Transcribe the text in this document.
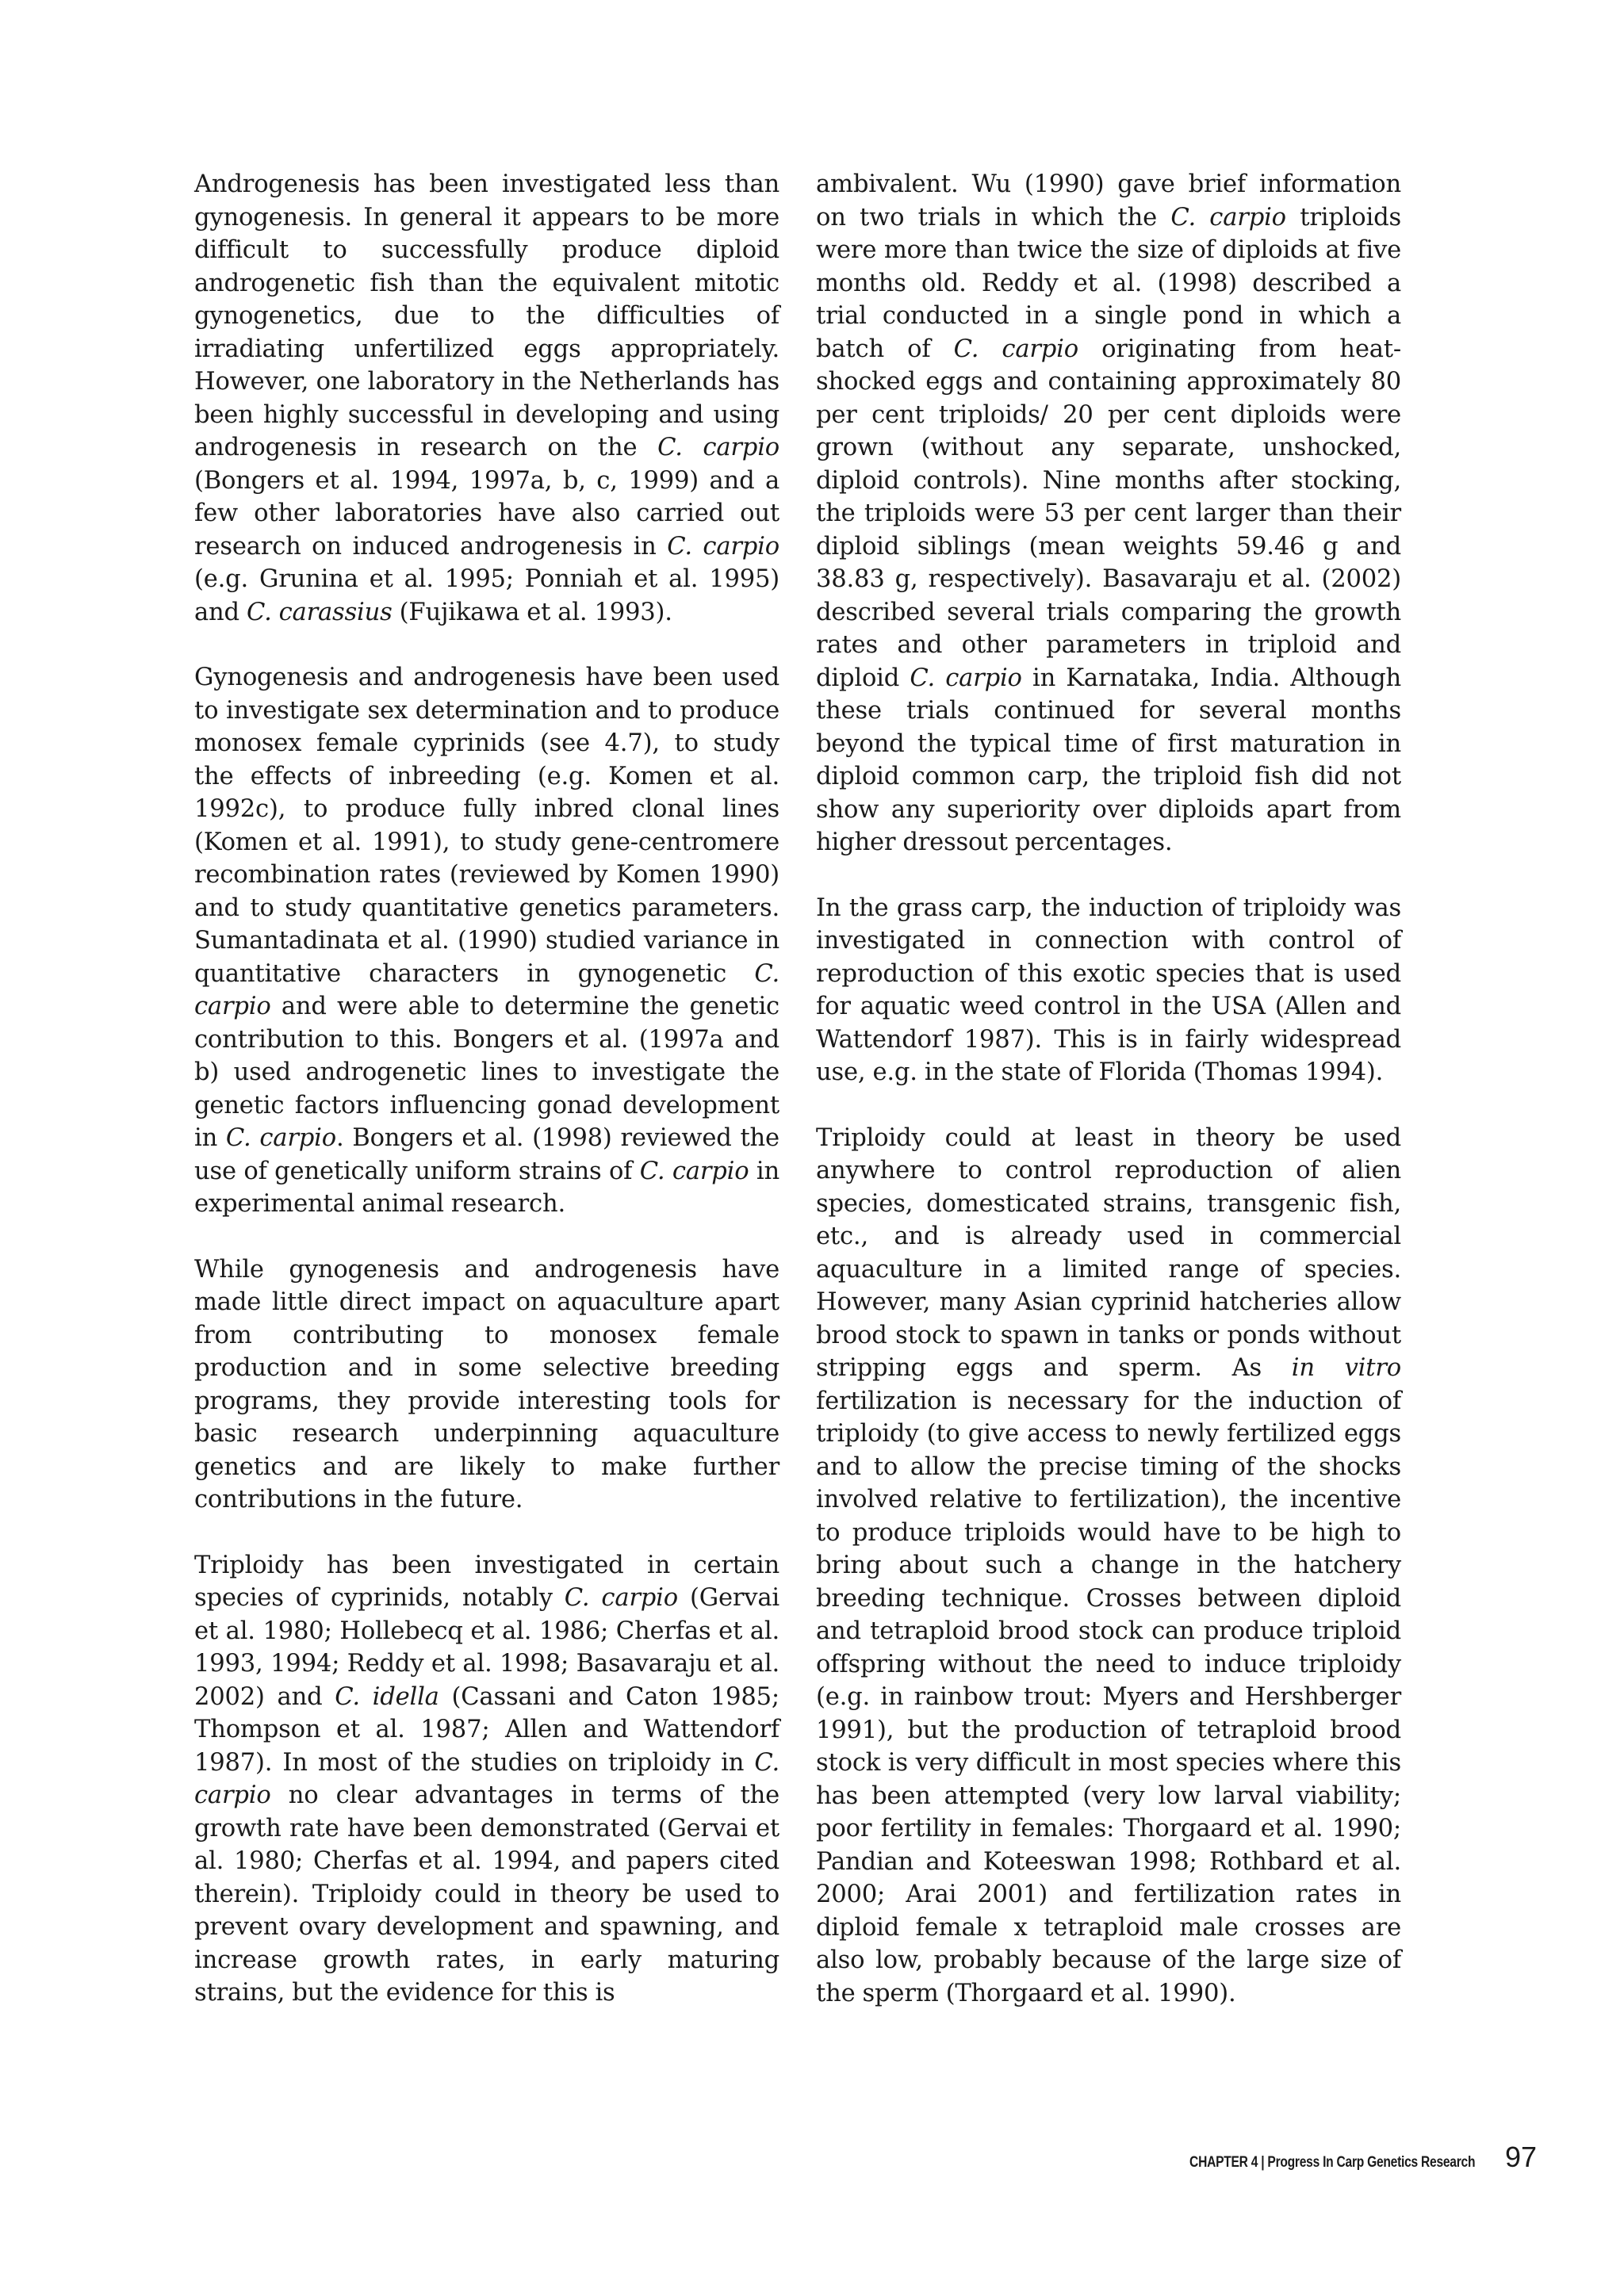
Androgenesis has been investigated less than gynogenesis. In general it appears to be more difficult to successfully produce diploid androgenetic fish than the equivalent mitotic gynogenetics, due to the difficulties of irradiating unfertilized eggs appropriately. However, one laboratory in the Netherlands has been highly successful in developing and using androgenesis in research on the C. carpio (Bongers et al. 1994, 1997a, b, c, 1999) and a few other laboratories have also carried out research on induced androgenesis in C. carpio (e.g. Grunina et al. 1995; Ponniah et al. 1995) and C. carassius (Fujikawa et al. 1993).

Gynogenesis and androgenesis have been used to investigate sex determination and to produce monosex female cyprinids (see 4.7), to study the effects of inbreeding (e.g. Komen et al. 1992c), to produce fully inbred clonal lines (Komen et al. 1991), to study gene-centromere recombination rates (reviewed by Komen 1990) and to study quantitative genetics parameters. Sumantadinata et al. (1990) studied variance in quantitative characters in gynogenetic C. carpio and were able to determine the genetic contribution to this. Bongers et al. (1997a and b) used androgenetic lines to investigate the genetic factors influencing gonad development in C. carpio. Bongers et al. (1998) reviewed the use of genetically uniform strains of C. carpio in experimental animal research.

While gynogenesis and androgenesis have made little direct impact on aquaculture apart from contributing to monosex female production and in some selective breeding programs, they provide interesting tools for basic research underpinning aquaculture genetics and are likely to make further contributions in the future.

Triploidy has been investigated in certain species of cyprinids, notably C. carpio (Gervai et al. 1980; Hollebecq et al. 1986; Cherfas et al. 1993, 1994; Reddy et al. 1998; Basavaraju et al. 2002) and C. idella (Cassani and Caton 1985; Thompson et al. 1987; Allen and Wattendorf 1987). In most of the studies on triploidy in C. carpio no clear advantages in terms of the growth rate have been demonstrated (Gervai et al. 1980; Cherfas et al. 1994, and papers cited therein). Triploidy could in theory be used to prevent ovary development and spawning, and increase growth rates, in early maturing strains, but the evidence for this is

ambivalent. Wu (1990) gave brief information on two trials in which the C. carpio triploids were more than twice the size of diploids at five months old. Reddy et al. (1998) described a trial conducted in a single pond in which a batch of C. carpio originating from heat-shocked eggs and containing approximately 80 per cent triploids/ 20 per cent diploids were grown (without any separate, unshocked, diploid controls). Nine months after stocking, the triploids were 53 per cent larger than their diploid siblings (mean weights 59.46 g and 38.83 g, respectively). Basavaraju et al. (2002) described several trials comparing the growth rates and other parameters in triploid and diploid C. carpio in Karnataka, India. Although these trials continued for several months beyond the typical time of first maturation in diploid common carp, the triploid fish did not show any superiority over diploids apart from higher dressout percentages.

In the grass carp, the induction of triploidy was investigated in connection with control of reproduction of this exotic species that is used for aquatic weed control in the USA (Allen and Wattendorf 1987). This is in fairly widespread use, e.g. in the state of Florida (Thomas 1994).

Triploidy could at least in theory be used anywhere to control reproduction of alien species, domesticated strains, transgenic fish, etc., and is already used in commercial aquaculture in a limited range of species. However, many Asian cyprinid hatcheries allow brood stock to spawn in tanks or ponds without stripping eggs and sperm. As in vitro fertilization is necessary for the induction of triploidy (to give access to newly fertilized eggs and to allow the precise timing of the shocks involved relative to fertilization), the incentive to produce triploids would have to be high to bring about such a change in the hatchery breeding technique. Crosses between diploid and tetraploid brood stock can produce triploid offspring without the need to induce triploidy (e.g. in rainbow trout: Myers and Hershberger 1991), but the production of tetraploid brood stock is very difficult in most species where this has been attempted (very low larval viability; poor fertility in females: Thorgaard et al. 1990; Pandian and Koteeswan 1998; Rothbard et al. 2000; Arai 2001) and fertilization rates in diploid female x tetraploid male crosses are also low, probably because of the large size of the sperm (Thorgaard et al. 1990).

CHAPTER 4 | Progress In Carp Genetics Research 97
